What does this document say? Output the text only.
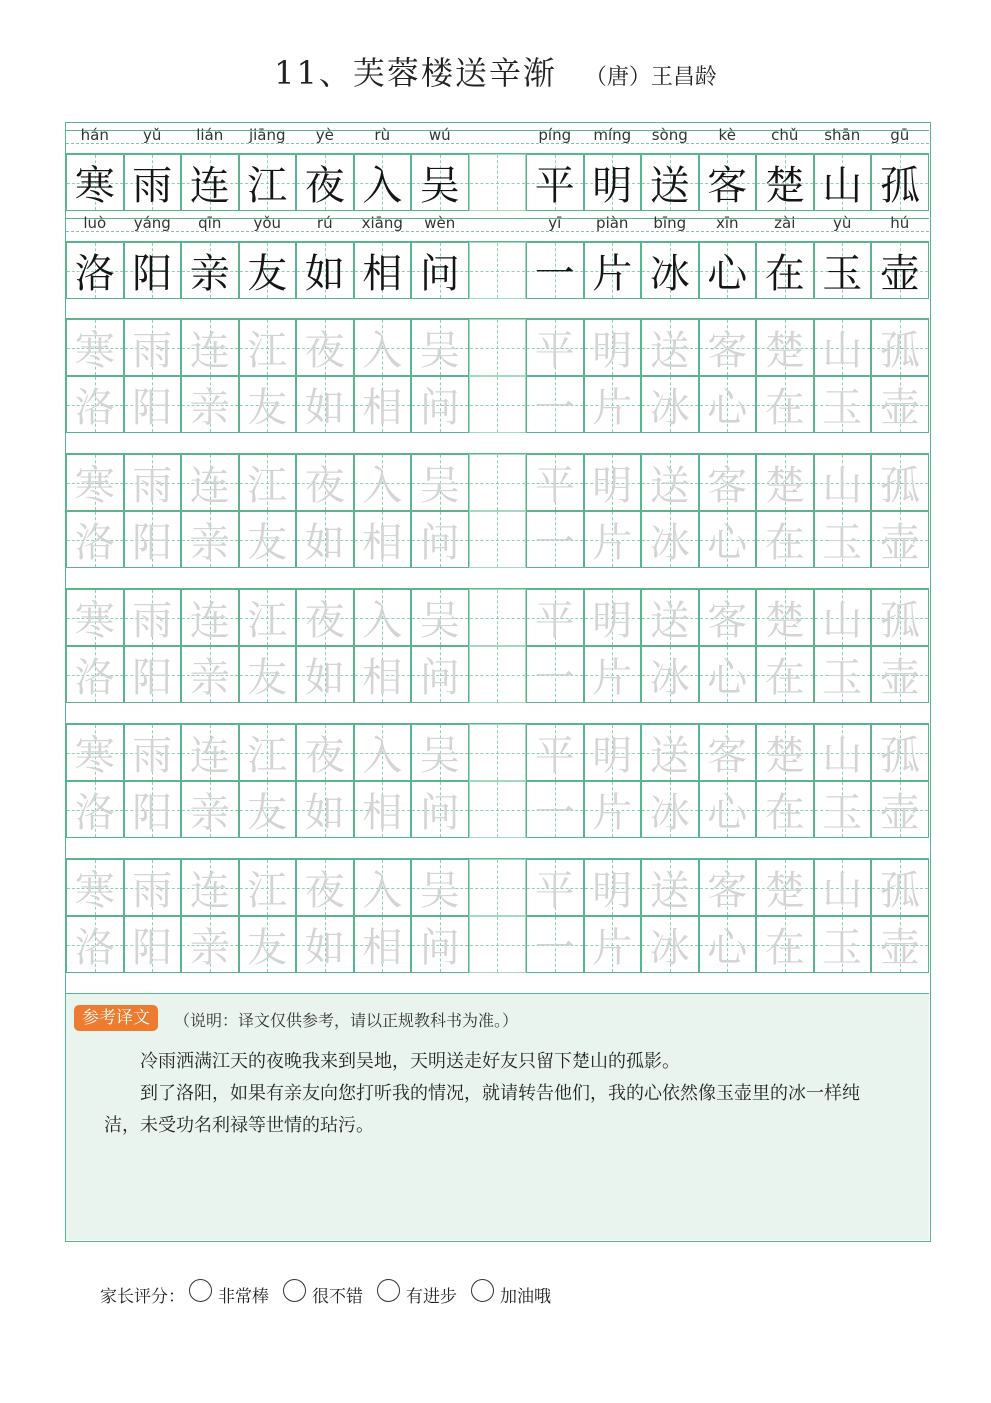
11、芙蓉楼送辛渐 （唐）王昌龄
hán	yǔ	lián	jiāng	yè	rù	wú	píng	míng	sòng	kè	chǔ	shān	gū
寒 雨 连 江 夜 入 吴 平 明 送 客 楚 山 孤
luò	yáng	qīn	yǒu	rú	xiāng	wèn	yī	piàn	bīng	xīn	zài	yù	hú
洛 阳 亲 友 如 相 问 一 片 冰 心 在 玉 壶
寒 雨 连 江 夜 入 吴 平 明 送 客 楚 山 孤
洛 阳 亲 友 如 相 问 一 片 冰 心 在 玉 壶
寒 雨 连 江 夜 入 吴 平 明 送 客 楚 山 孤
洛 阳 亲 友 如 相 问 一 片 冰 心 在 玉 壶
寒 雨 连 江 夜 入 吴 平 明 送 客 楚 山 孤
洛 阳 亲 友 如 相 问 一 片 冰 心 在 玉 壶
寒 雨 连 江 夜 入 吴 平 明 送 客 楚 山 孤
洛 阳 亲 友 如 相 问 一 片 冰 心 在 玉 壶
寒 雨 连 江 夜 入 吴 平 明 送 客 楚 山 孤
洛 阳 亲 友 如 相 问 一 片 冰 心 在 玉 壶
参考译文	（说明：译文仅供参考，请以正规教科书为准。）

冷雨洒满江天的夜晚我来到吴地，天明送走好友只留下楚山的孤影。

到了洛阳，如果有亲友向您打听我的情况，就请转告他们，我的心依然像玉壶里的冰一样纯洁，未受功名利禄等世情的玷污。

家长评分： 非常棒	很不错	有进步	加油哦
